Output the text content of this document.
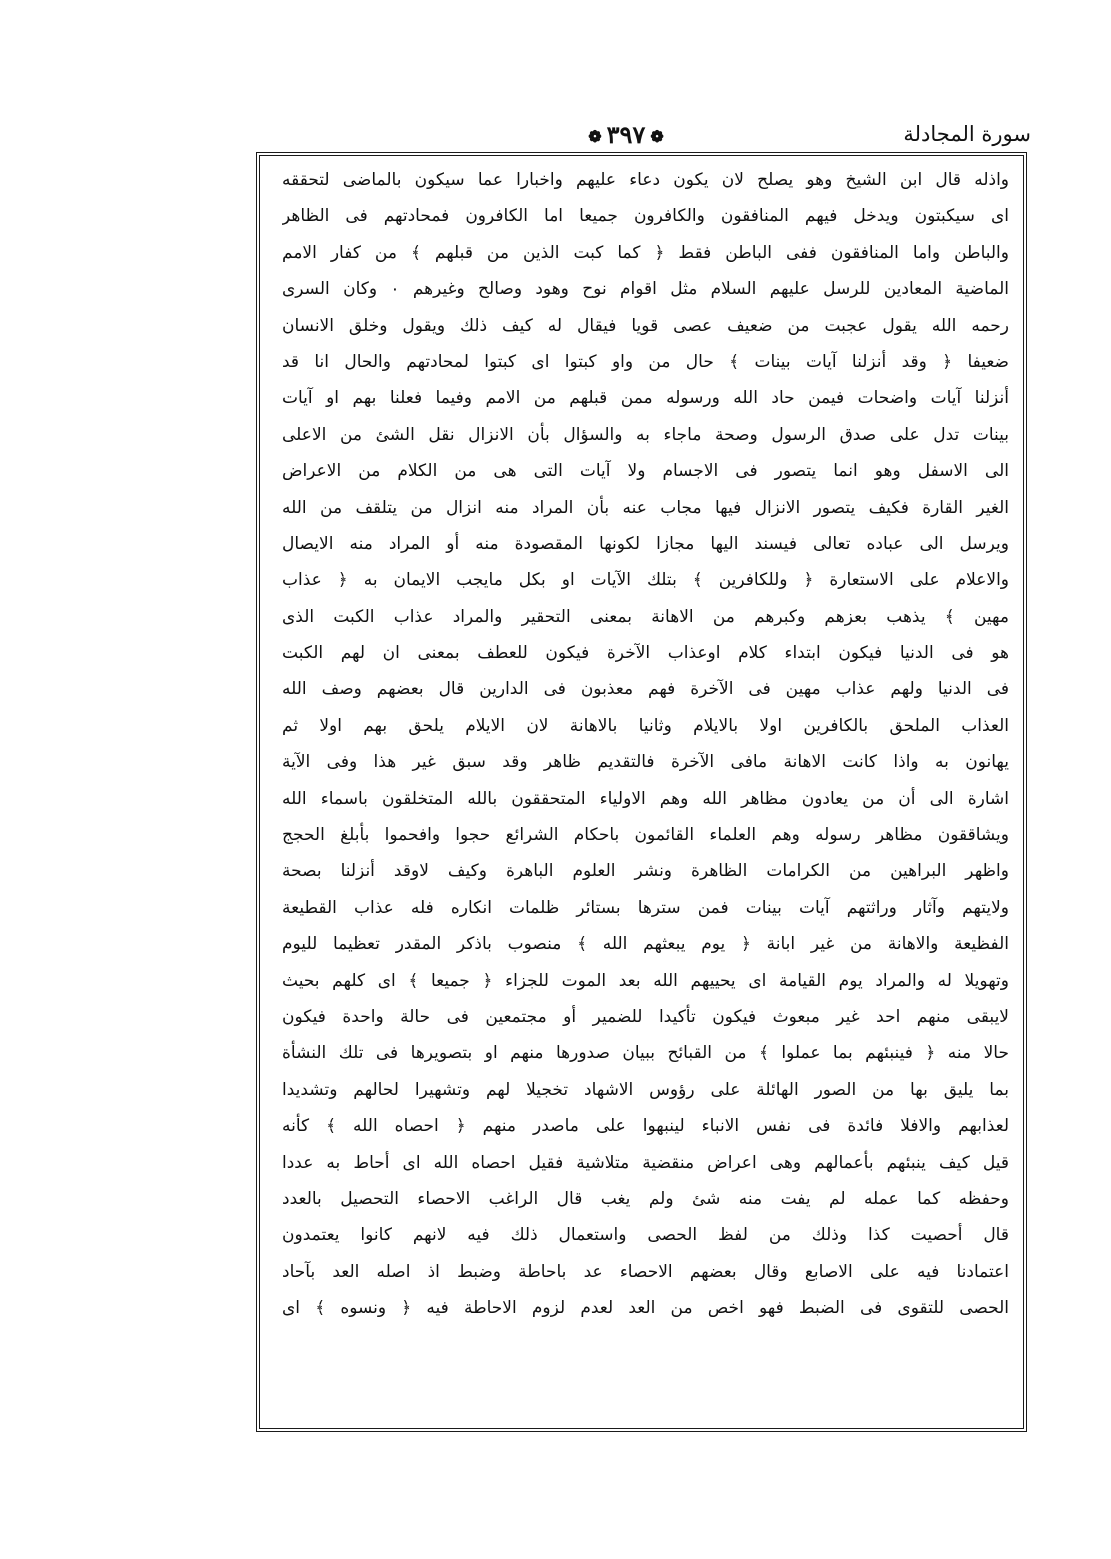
سورة المجادلة
❁ ٣٩٧ ❁
واذله قال ابن الشيخ وهو يصلح لان يكون دعاء عليهم واخبارا عما سيكون بالماضى لتحققه
اى سيكبتون ويدخل فيهم المنافقون والكافرون جميعا اما الكافرون فمحادتهم فى الظاهر
والباطن واما المنافقون ففى الباطن فقط ﴿ كما كبت الذين من قبلهم ﴾ من كفار الامم
الماضية المعادين للرسل عليهم السلام مثل اقوام نوح وهود وصالح وغيرهم ٠ وكان السرى
رحمه الله يقول عجبت من ضعيف عصى قويا فيقال له كيف ذلك ويقول وخلق الانسان
ضعيفا ﴿ وقد أنزلنا آيات بينات ﴾ حال من واو كبتوا اى كبتوا لمحادتهم والحال انا قد
أنزلنا آيات واضحات فيمن حاد الله ورسوله ممن قبلهم من الامم وفيما فعلنا بهم او آيات
بينات تدل على صدق الرسول وصحة ماجاء به والسؤال بأن الانزال نقل الشئ من الاعلى
الى الاسفل وهو انما يتصور فى الاجسام ولا آيات التى هى من الكلام من الاعراض
الغير القارة فكيف يتصور الانزال فيها مجاب عنه بأن المراد منه انزال من يتلقف من الله
ويرسل الى عباده تعالى فيسند اليها مجازا لكونها المقصودة منه أو المراد منه الايصال
والاعلام على الاستعارة ﴿ وللكافرين ﴾ بتلك الآيات او بكل مايجب الايمان به ﴿ عذاب
مهين ﴾ يذهب بعزهم وكبرهم من الاهانة بمعنى التحقير والمراد عذاب الكبت الذى
هو فى الدنيا فيكون ابتداء كلام اوعذاب الآخرة فيكون للعطف بمعنى ان لهم الكبت
فى الدنيا ولهم عذاب مهين فى الآخرة فهم معذبون فى الدارين قال بعضهم وصف الله
العذاب الملحق بالكافرين اولا بالايلام وثانيا بالاهانة لان الايلام يلحق بهم اولا ثم
يهانون به واذا كانت الاهانة مافى الآخرة فالتقديم ظاهر وقد سبق غير هذا وفى الآية
اشارة الى أن من يعادون مظاهر الله وهم الاولياء المتحققون بالله المتخلقون باسماء الله
ويشاققون مظاهر رسوله وهم العلماء القائمون باحكام الشرائع حجوا وافحموا بأبلغ الحجج
واظهر البراهين من الكرامات الظاهرة ونشر العلوم الباهرة وكيف لاوقد أنزلنا بصحة
ولايتهم وآثار وراثتهم آيات بينات فمن سترها بستائر ظلمات انكاره فله عذاب القطيعة
الفظيعة والاهانة من غير ابانة ﴿ يوم يبعثهم الله ﴾ منصوب باذكر المقدر تعظيما لليوم
وتهويلا له والمراد يوم القيامة اى يحييهم الله بعد الموت للجزاء ﴿ جميعا ﴾ اى كلهم بحيث
لايبقى منهم احد غير مبعوث فيكون تأكيدا للضمير أو مجتمعين فى حالة واحدة فيكون
حالا منه ﴿ فينبئهم بما عملوا ﴾ من القبائح ببيان صدورها منهم او بتصويرها فى تلك النشأة
بما يليق بها من الصور الهائلة على رؤوس الاشهاد تخجيلا لهم وتشهيرا لحالهم وتشديدا
لعذابهم والافلا فائدة فى نفس الانباء لينبهوا على ماصدر منهم ﴿ احصاه الله ﴾ كأنه
قيل كيف ينبئهم بأعمالهم وهى اعراض منقضية متلاشية فقيل احصاه الله اى أحاط به عددا
وحفظه كما عمله لم يفت منه شئ ولم يغب قال الراغب الاحصاء التحصيل بالعدد
قال أحصيت كذا وذلك من لفظ الحصى واستعمال ذلك فيه لانهم كانوا يعتمدون
اعتمادنا فيه على الاصابع وقال بعضهم الاحصاء عد باحاطة وضبط اذ اصله العد بآحاد
الحصى للتقوى فى الضبط فهو اخص من العد لعدم لزوم الاحاطة فيه ﴿ ونسوه ﴾ اى
